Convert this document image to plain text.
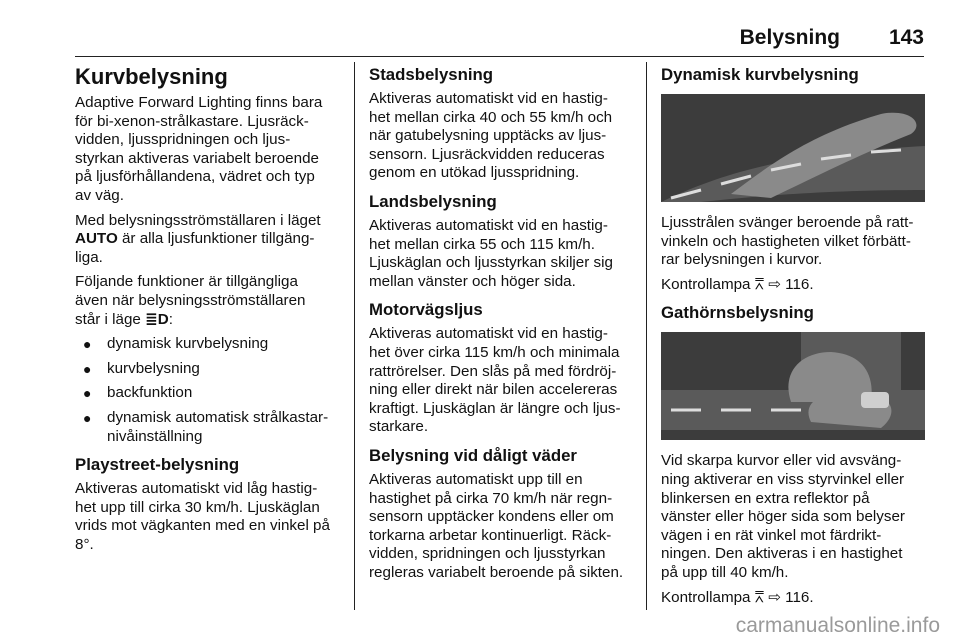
Belysning 143
Kurvbelysning

Adaptive Forward Lighting finns bara
för bi-xenon-strålkastare. Ljusräck-
vidden, ljusspridningen och ljus-
styrkan aktiveras variabelt beroende
på ljusförhållandena, vädret och typ
av väg.

Med belysningsströmställaren i läget
AUTO är alla ljusfunktioner tillgäng-
liga.

Följande funktioner är tillgängliga
även när belysningsströmställaren
står i läge ≣D:

● dynamisk kurvbelysning
● kurvbelysning
● backfunktion
● dynamisk automatisk strålkastar-
nivåinställning
Playstreet-belysning

Aktiveras automatiskt vid låg hastig-
het upp till cirka 30 km/h. Ljuskäglan
vrids mot vägkanten med en vinkel på
8°.

Stadsbelysning

Aktiveras automatiskt vid en hastig-
het mellan cirka 40 och 55 km/h och
när gatubelysning upptäcks av ljus-
sensorn. Ljusräckvidden reduceras
genom en utökad ljusspridning.

Landsbelysning

Aktiveras automatiskt vid en hastig-
het mellan cirka 55 och 115 km/h.
Ljuskäglan och ljusstyrkan skiljer sig
mellan vänster och höger sida.

Motorvägsljus

Aktiveras automatiskt vid en hastig-
het över cirka 115 km/h och minimala
rattrörelser. Den slås på med fördröj-
ning eller direkt när bilen accelereras
kraftigt. Ljuskäglan är längre och ljus-
starkare.

Belysning vid dåligt väder

Aktiveras automatiskt upp till en
hastighet på cirka 70 km/h när regn-
sensorn upptäcker kondens eller om
torkarna arbetar kontinuerligt. Räck-
vidden, spridningen och ljusstyrkan
regleras variabelt beroende på sikten.

Dynamisk kurvbelysning

Ljusstrålen svänger beroende på ratt-
vinkeln och hastigheten vilket förbätt-
rar belysningen i kurvor.

Kontrollampa ⩞ ⇨ 116.

Gathörnsbelysning

Vid skarpa kurvor eller vid avsväng-
ning aktiverar en viss styrvinkel eller
blinkersen en extra reflektor på
vänster eller höger sida som belyser
vägen i en rät vinkel mot färdrikt-
ningen. Den aktiveras i en hastighet
på upp till 40 km/h.

Kontrollampa ⩞ ⇨ 116.

carmanualsonline.info
